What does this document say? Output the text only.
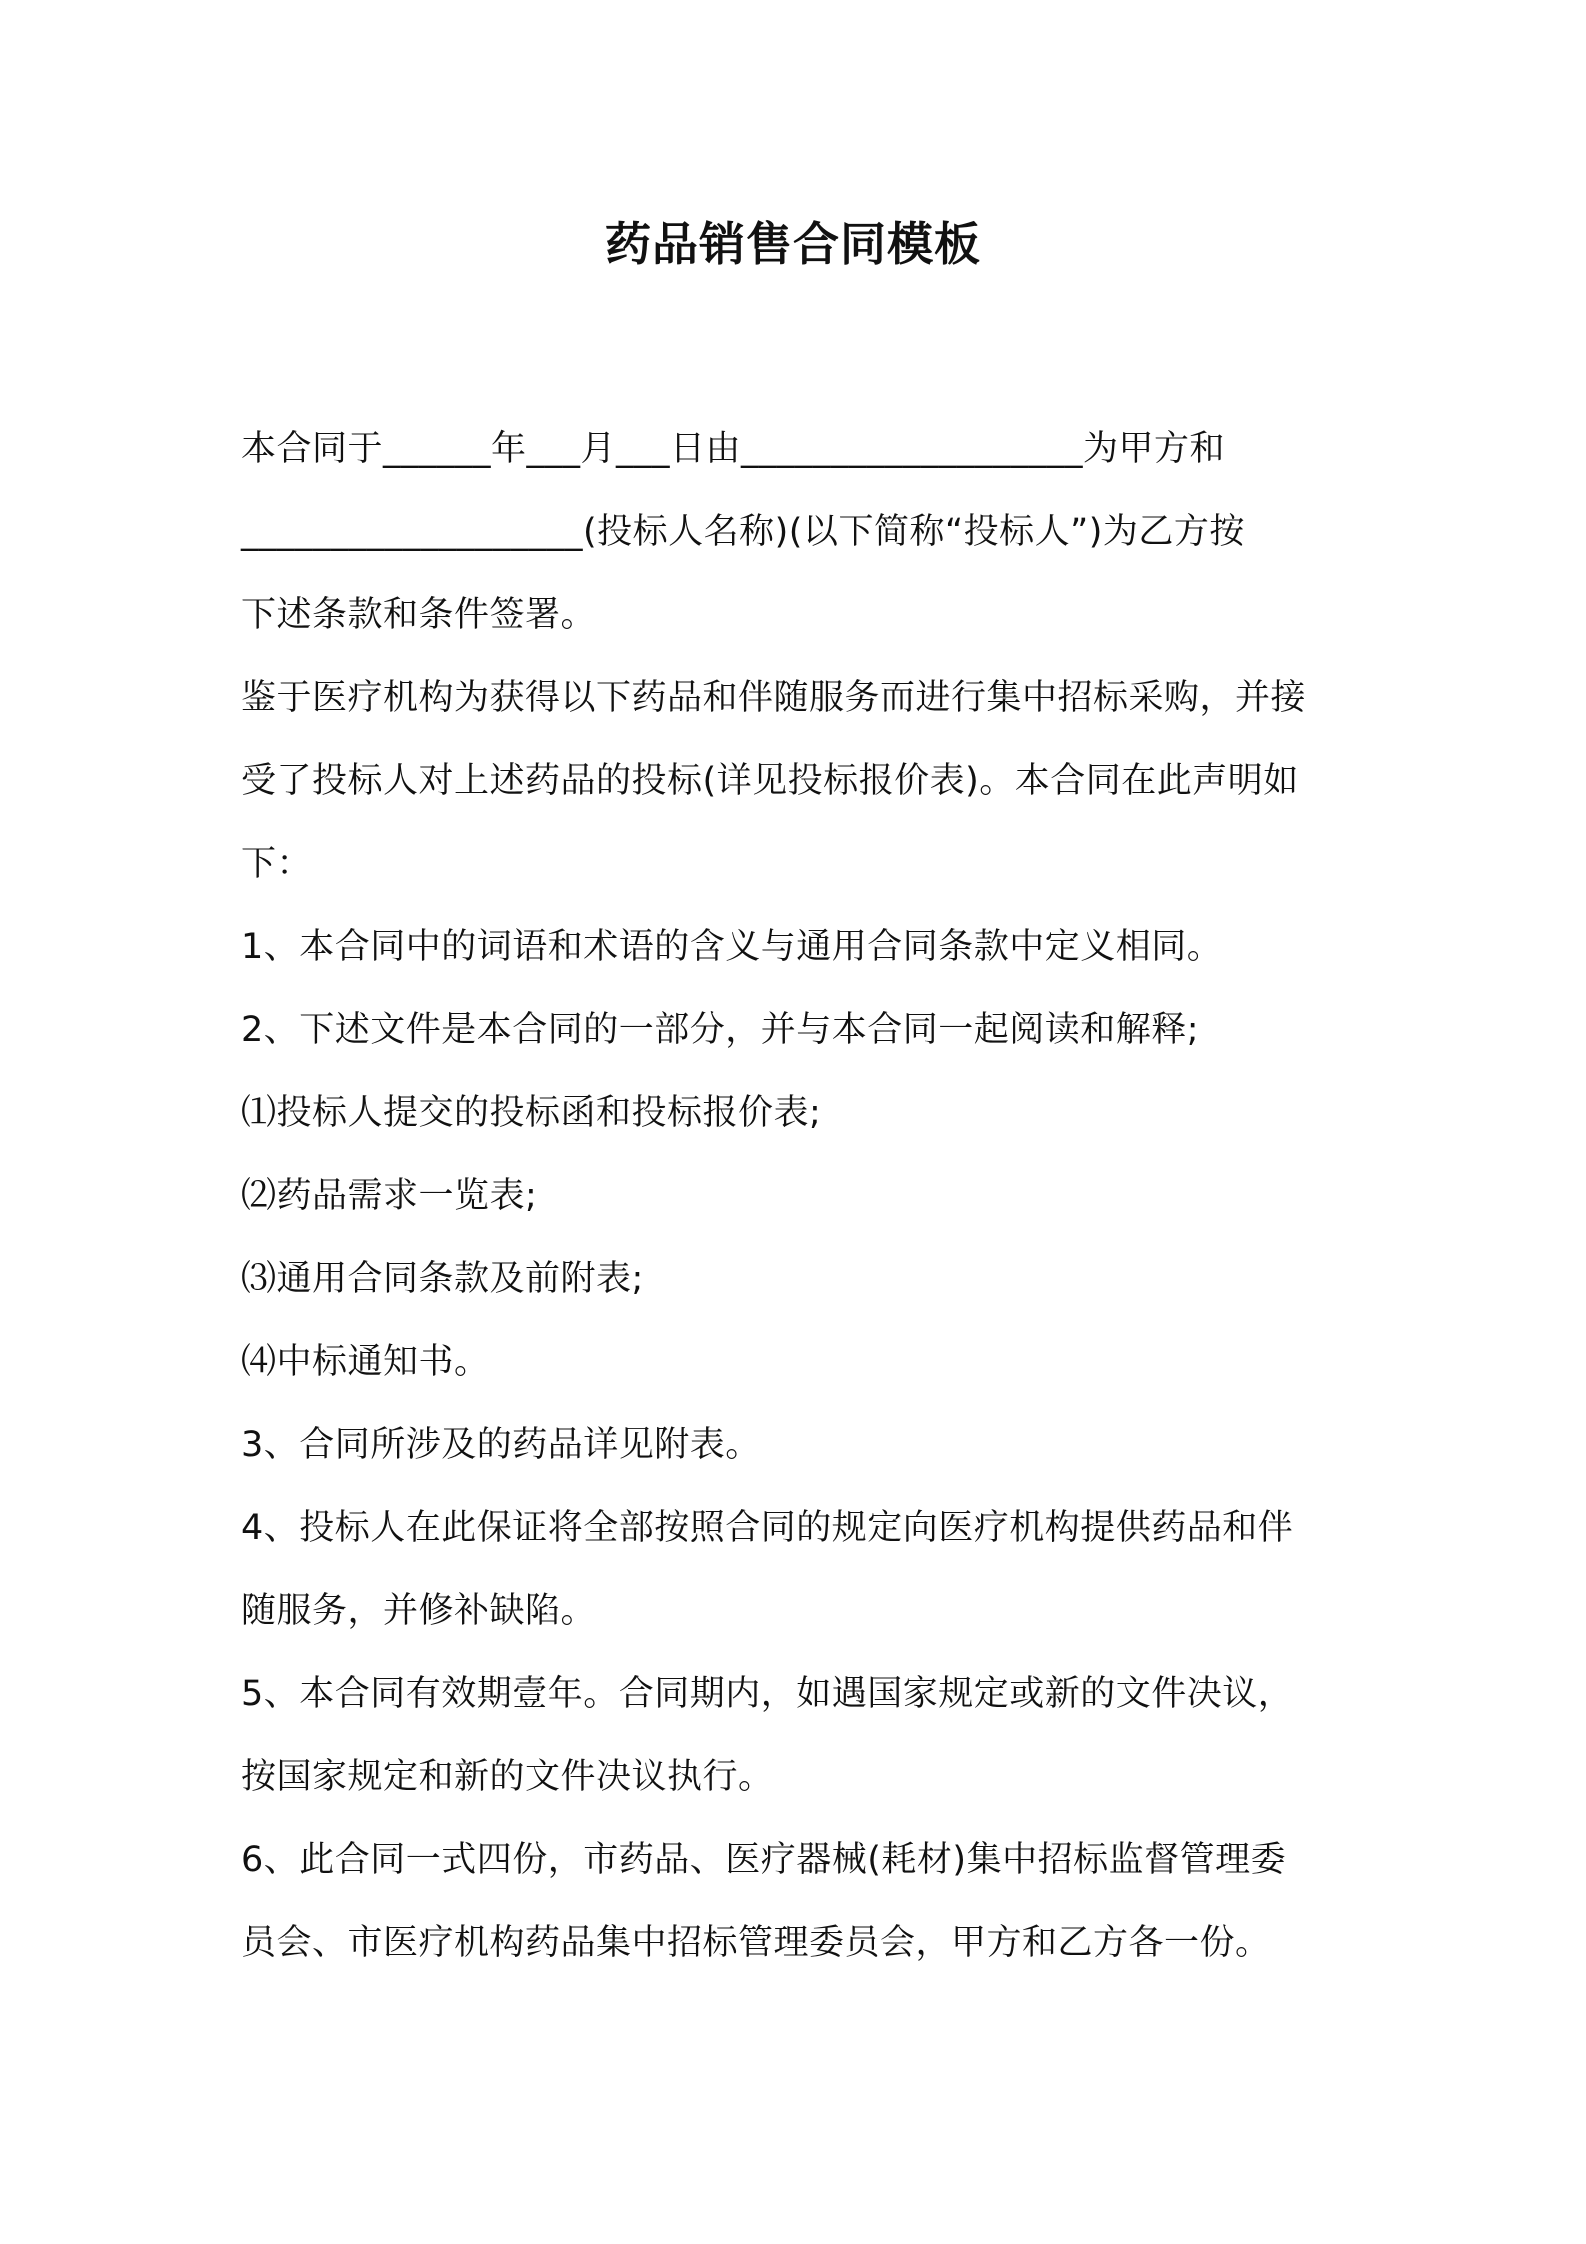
药品销售合同模板
本合同于______年___月___日由___________________为甲方和
___________________(投标人名称)(以下简称“投标人”)为乙方按
下述条款和条件签署。
鉴于医疗机构为获得以下药品和伴随服务而进行集中招标采购，并接
受了投标人对上述药品的投标(详见投标报价表)。本合同在此声明如
下：
1、本合同中的词语和术语的含义与通用合同条款中定义相同。
2、下述文件是本合同的一部分，并与本合同一起阅读和解释;
⑴投标人提交的投标函和投标报价表;
⑵药品需求一览表;
⑶通用合同条款及前附表;
⑷中标通知书。
3、合同所涉及的药品详见附表。
4、投标人在此保证将全部按照合同的规定向医疗机构提供药品和伴
随服务，并修补缺陷。
5、本合同有效期壹年。合同期内，如遇国家规定或新的文件决议，
按国家规定和新的文件决议执行。
6、此合同一式四份，市药品、医疗器械(耗材)集中招标监督管理委
员会、市医疗机构药品集中招标管理委员会，甲方和乙方各一份。
